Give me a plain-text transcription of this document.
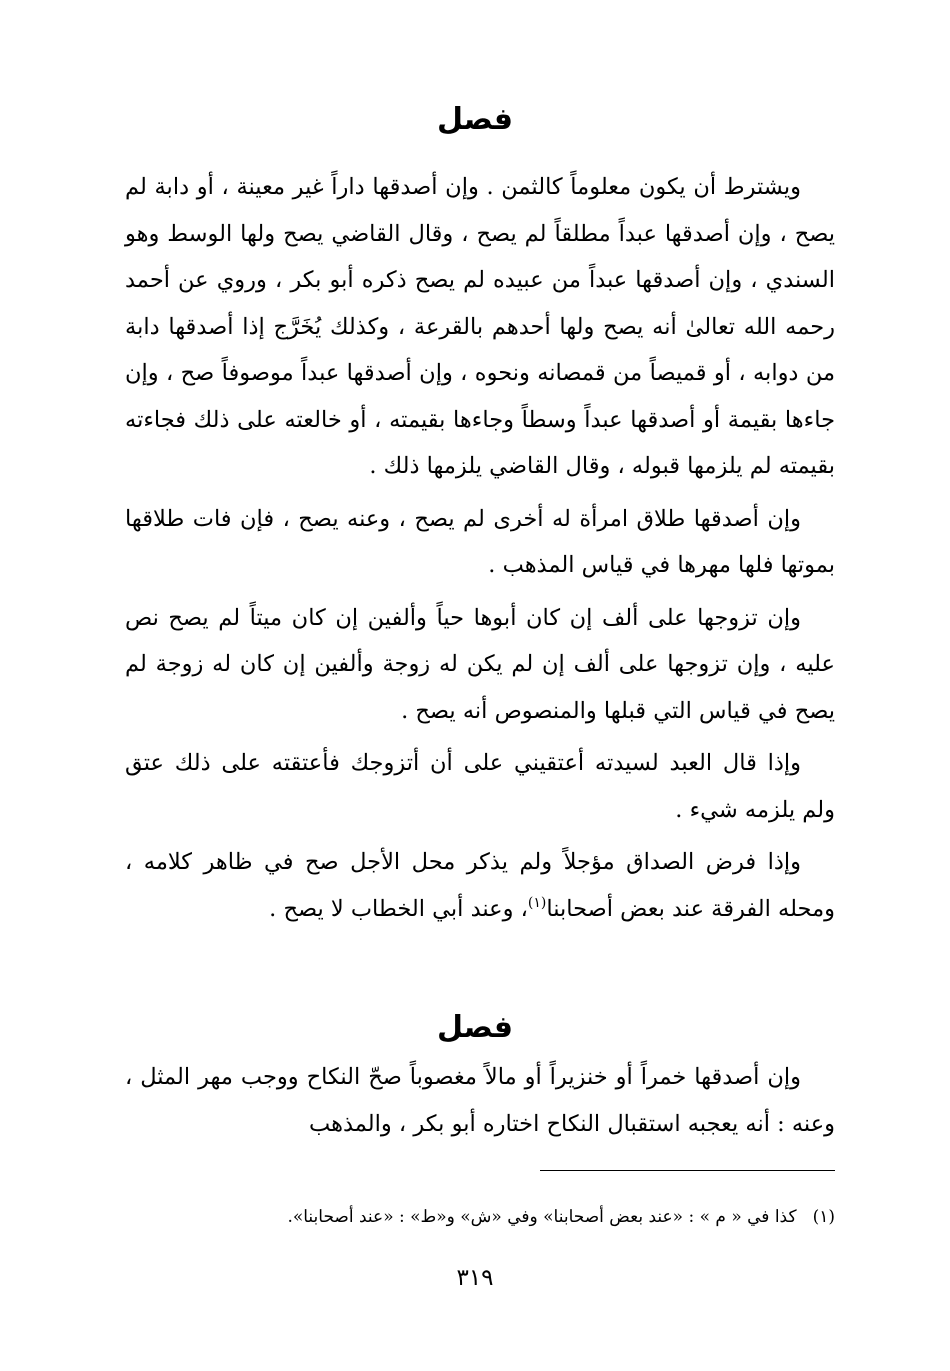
فصل

ويشترط أن يكون معلوماً كالثمن . وإن أصدقها داراً غير معينة ، أو دابة لم يصح ، وإن أصدقها عبداً مطلقاً لم يصح ، وقال القاضي يصح ولها الوسط وهو السندي ، وإن أصدقها عبداً من عبيده لم يصح ذكره أبو بكر ، وروي عن أحمد رحمه الله تعالىٰ أنه يصح ولها أحدهم بالقرعة ، وكذلك يُخَرَّج إذا أصدقها دابة من دوابه ، أو قميصاً من قمصانه ونحوه ، وإن أصدقها عبداً موصوفاً صح ، وإن جاءها بقيمة أو أصدقها عبداً وسطاً وجاءها بقيمته ، أو خالعته على ذلك فجاءته بقيمته لم يلزمها قبوله ، وقال القاضي يلزمها ذلك .

وإن أصدقها طلاق امرأة له أخرى لم يصح ، وعنه يصح ، فإن فات طلاقها بموتها فلها مهرها في قياس المذهب .

وإن تزوجها على ألف إن كان أبوها حياً وألفين إن كان ميتاً لم يصح نص عليه ، وإن تزوجها على ألف إن لم يكن له زوجة وألفين إن كان له زوجة لم يصح في قياس التي قبلها والمنصوص أنه يصح .

وإذا قال العبد لسيدته أعتقيني على أن أتزوجك فأعتقته على ذلك عتق ولم يلزمه شيء .

وإذا فرض الصداق مؤجلاً ولم يذكر محل الأجل صح في ظاهر كلامه ، ومحله الفرقة عند بعض أصحابنا$^{(١)}$، وعند أبي الخطاب لا يصح .

فصل

وإن أصدقها خمراً أو خنزيراً أو مالاً مغصوباً صحّ النكاح ووجب مهر المثل ، وعنه : أنه يعجبه استقبال النكاح اختاره أبو بكر ، والمذهب

(١)كذا في « م » : «عند بعض أصحابنا» وفي «ش» و«ط» : «عند أصحابنا».
٣١٩
